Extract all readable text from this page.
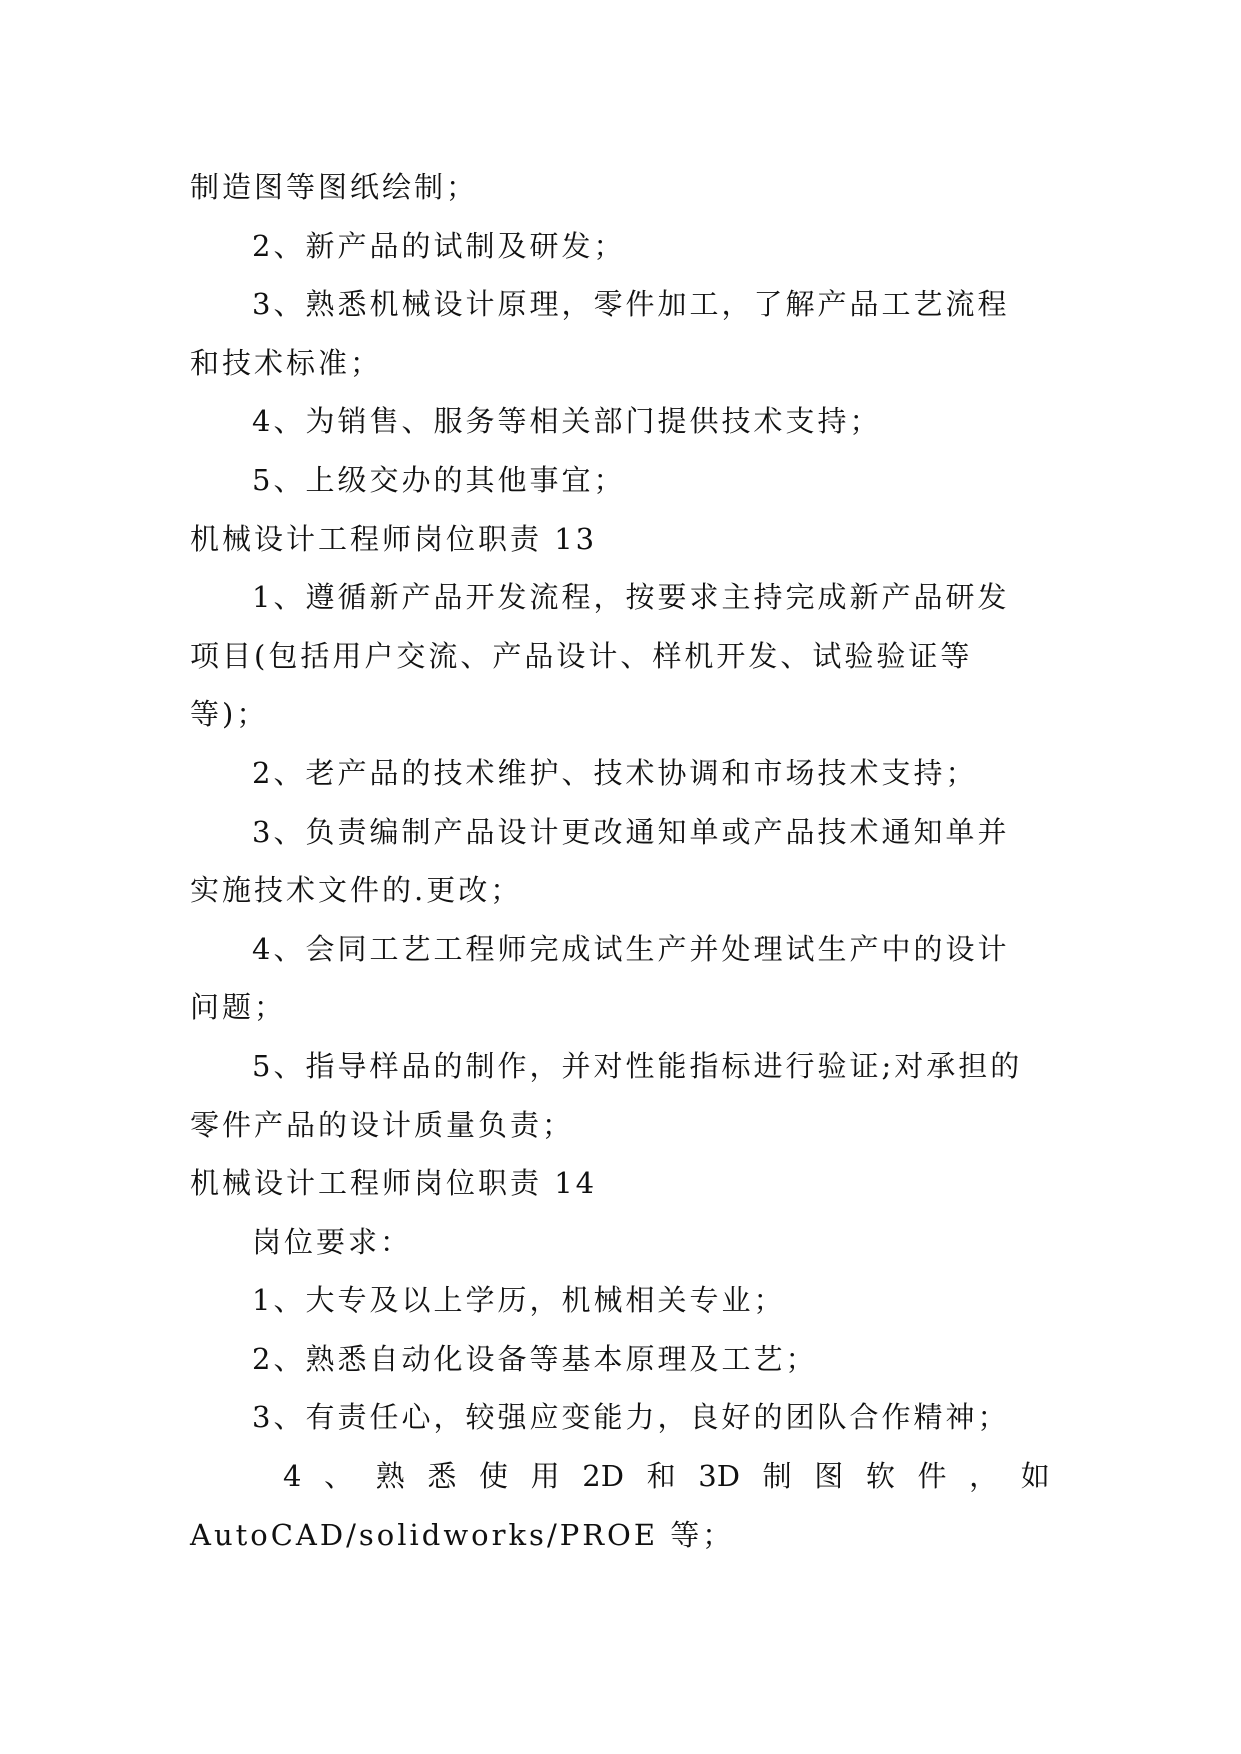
制造图等图纸绘制；
2、新产品的试制及研发；
3、熟悉机械设计原理，零件加工，了解产品工艺流程
和技术标准；
4、为销售、服务等相关部门提供技术支持；
5、上级交办的其他事宜；
机械设计工程师岗位职责 13
1、遵循新产品开发流程，按要求主持完成新产品研发
项目(包括用户交流、产品设计、样机开发、试验验证等
等)；
2、老产品的技术维护、技术协调和市场技术支持；
3、负责编制产品设计更改通知单或产品技术通知单并
实施技术文件的.更改；
4、会同工艺工程师完成试生产并处理试生产中的设计
问题；
5、指导样品的制作，并对性能指标进行验证;对承担的
零件产品的设计质量负责；
机械设计工程师岗位职责 14
岗位要求：
1、大专及以上学历，机械相关专业；
2、熟悉自动化设备等基本原理及工艺；
3、有责任心，较强应变能力，良好的团队合作精神；
4 、 熟 悉 使 用 2D 和 3D 制 图 软 件 ， 如
AutoCAD/solidworks/PROE 等；
